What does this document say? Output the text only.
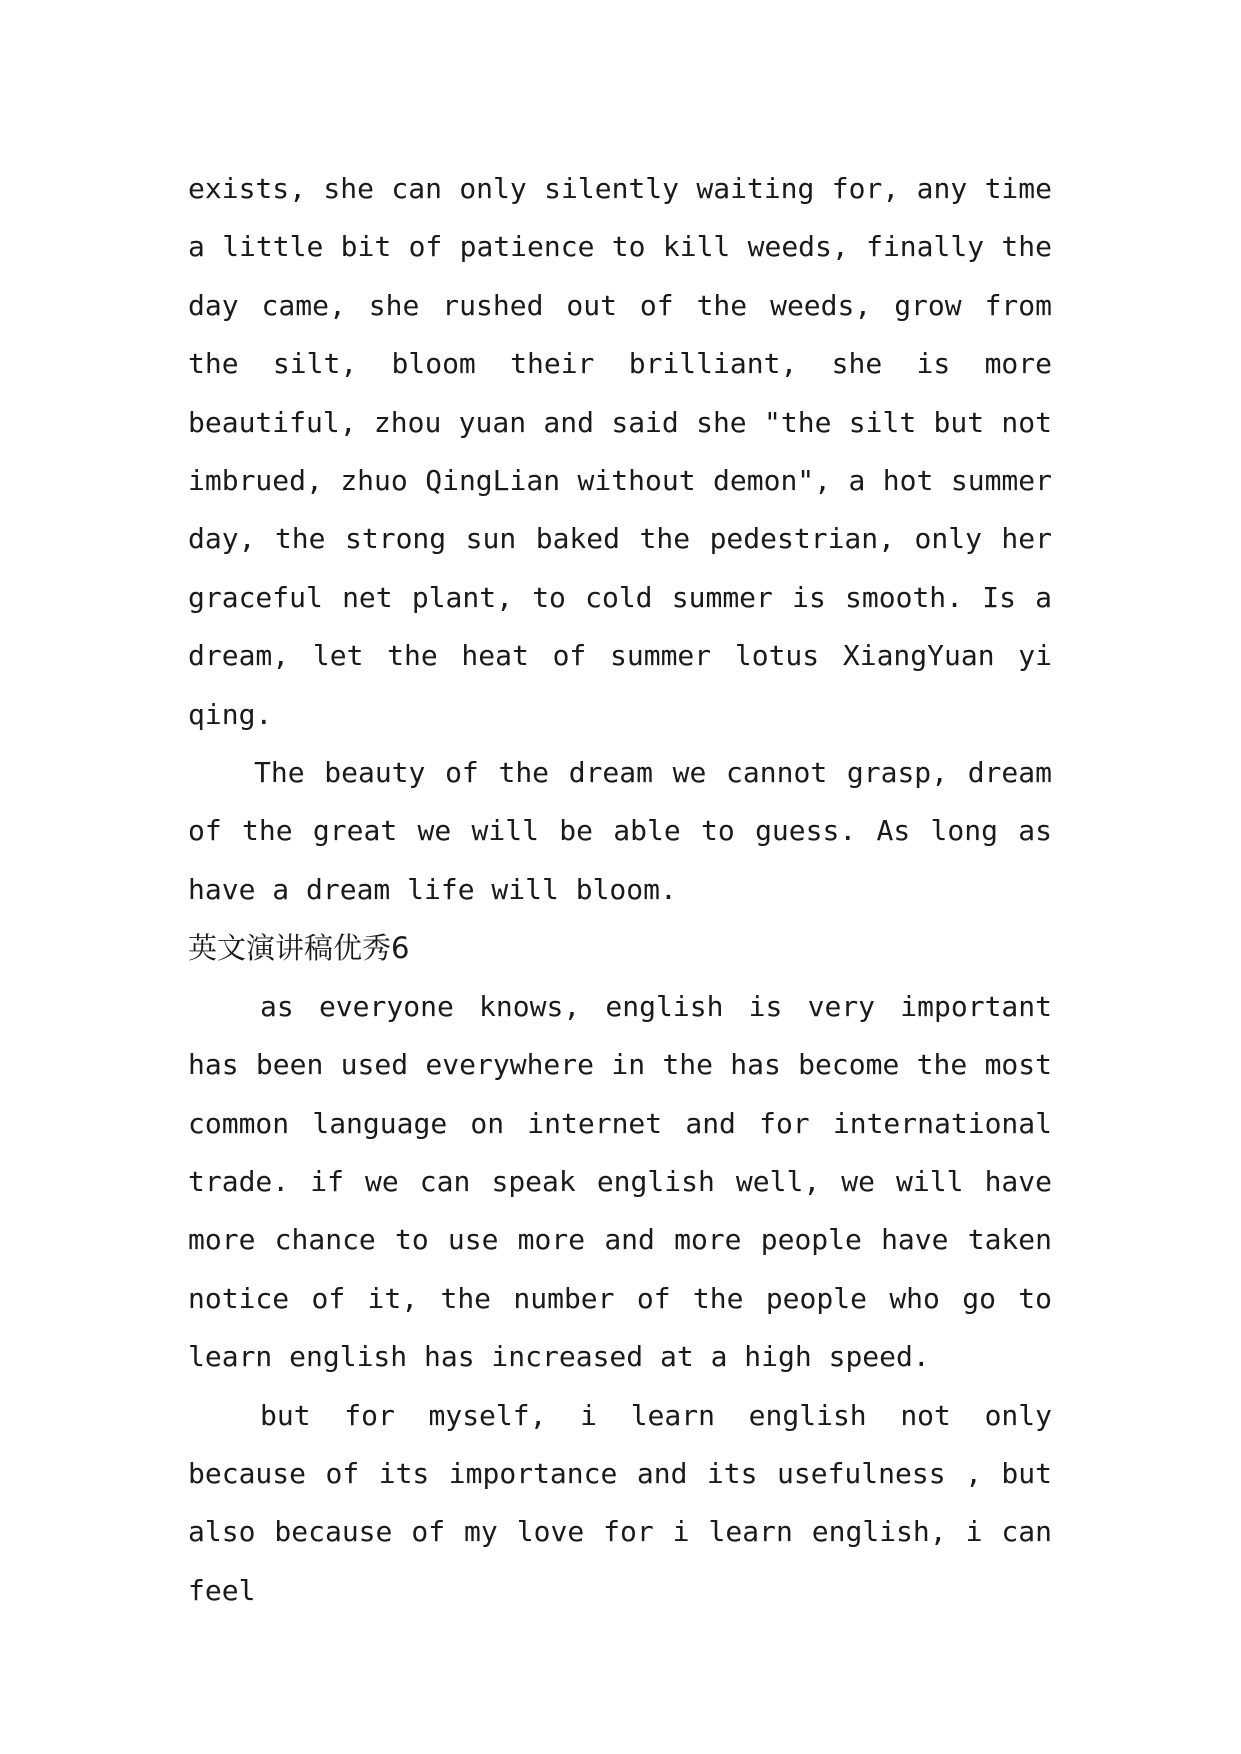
exists, she can only silently waiting for, any time a little bit of patience to kill weeds, finally the day came, she rushed out of the weeds, grow from the silt, bloom their brilliant, she is more beautiful, zhou yuan and said she "the silt but not imbrued, zhuo QingLian without demon", a hot summer day, the strong sun baked the pedestrian, only her graceful net plant, to cold summer is smooth. Is a dream, let the heat of summer lotus XiangYuan yi qing.

The beauty of the dream we cannot grasp, dream of the great we will be able to guess. As long as have a dream life will bloom.

英文演讲稿优秀6

as everyone knows, english is very important has been used everywhere in the has become the most common language on internet and for international trade. if we can speak english well, we will have more chance to use more and more people have taken notice of it, the number of the people who go to learn english has increased at a high speed.

but for myself, i learn english not only because of its importance and its usefulness , but also because of my love for i learn english, i can feel
